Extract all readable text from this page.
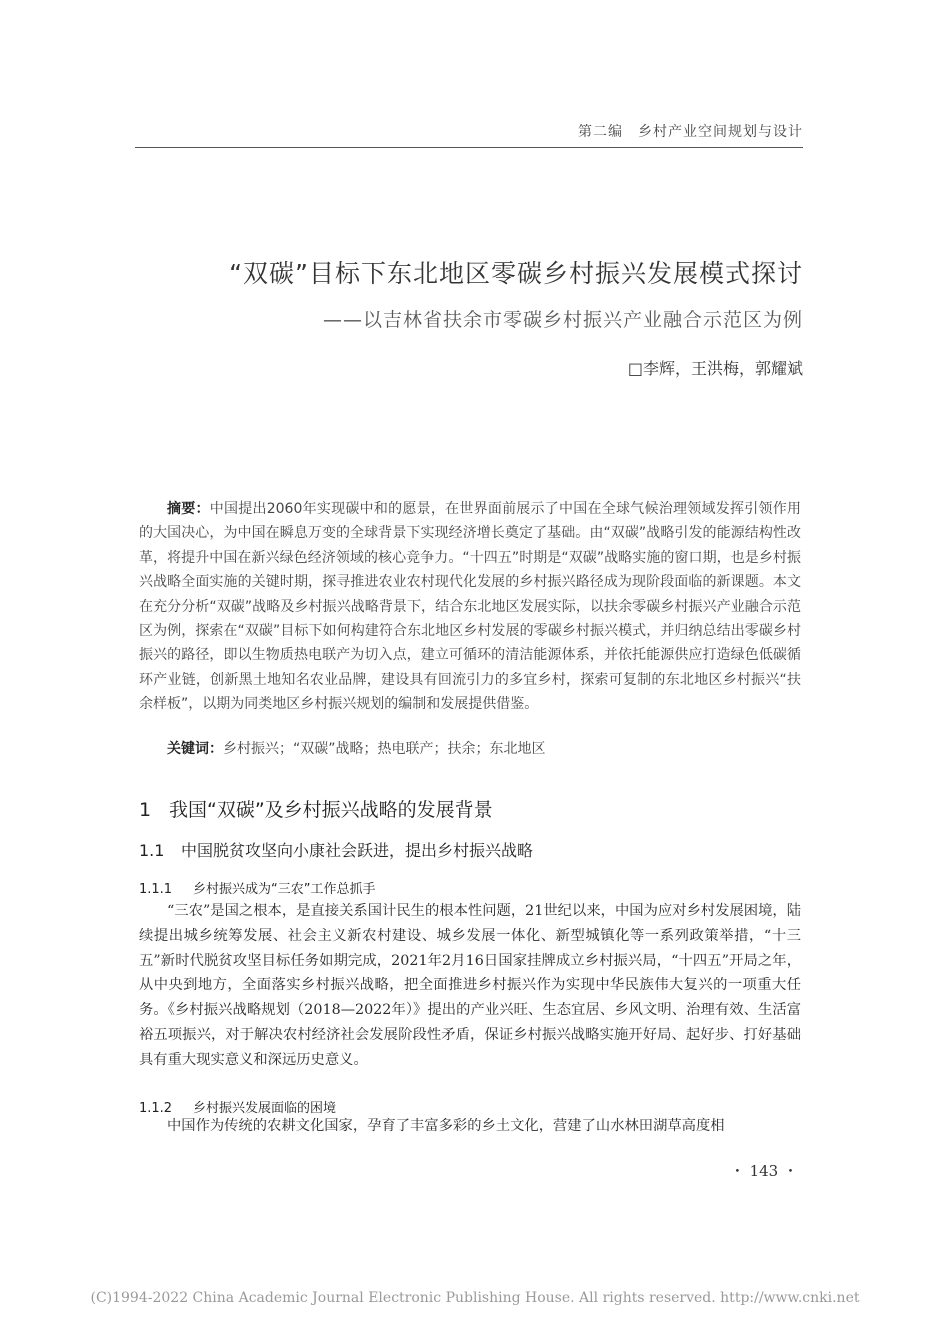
第二编　乡村产业空间规划与设计
“双碳”目标下东北地区零碳乡村振兴发展模式探讨
——以吉林省扶余市零碳乡村振兴产业融合示范区为例
□李辉，王洪梅，郭耀斌
摘要：中国提出2060年实现碳中和的愿景，在世界面前展示了中国在全球气候治理领域发挥引领作用的大国决心，为中国在瞬息万变的全球背景下实现经济增长奠定了基础。由“双碳”战略引发的能源结构性改革，将提升中国在新兴绿色经济领域的核心竞争力。“十四五”时期是“双碳”战略实施的窗口期，也是乡村振兴战略全面实施的关键时期，探寻推进农业农村现代化发展的乡村振兴路径成为现阶段面临的新课题。本文在充分分析“双碳”战略及乡村振兴战略背景下，结合东北地区发展实际，以扶余零碳乡村振兴产业融合示范区为例，探索在“双碳”目标下如何构建符合东北地区乡村发展的零碳乡村振兴模式，并归纳总结出零碳乡村振兴的路径，即以生物质热电联产为切入点，建立可循环的清洁能源体系，并依托能源供应打造绿色低碳循环产业链，创新黑土地知名农业品牌，建设具有回流引力的多宜乡村，探索可复制的东北地区乡村振兴“扶余样板”，以期为同类地区乡村振兴规划的编制和发展提供借鉴。
关键词：乡村振兴；“双碳”战略；热电联产；扶余；东北地区
1 我国“双碳”及乡村振兴战略的发展背景
1.1 中国脱贫攻坚向小康社会跃进，提出乡村振兴战略
1.1.1 乡村振兴成为“三农”工作总抓手
“三农”是国之根本，是直接关系国计民生的根本性问题，21世纪以来，中国为应对乡村发展困境，陆续提出城乡统筹发展、社会主义新农村建设、城乡发展一体化、新型城镇化等一系列政策举措，“十三五”新时代脱贫攻坚目标任务如期完成，2021年2月16日国家挂牌成立乡村振兴局，“十四五”开局之年，从中央到地方，全面落实乡村振兴战略，把全面推进乡村振兴作为实现中华民族伟大复兴的一项重大任务。《乡村振兴战略规划（2018—2022年）》提出的产业兴旺、生态宜居、乡风文明、治理有效、生活富裕五项振兴，对于解决农村经济社会发展阶段性矛盾，保证乡村振兴战略实施开好局、起好步、打好基础具有重大现实意义和深远历史意义。
1.1.2 乡村振兴发展面临的困境
中国作为传统的农耕文化国家，孕育了丰富多彩的乡土文化，营建了山水林田湖草高度相
・ 143 ・
(C)1994-2022 China Academic Journal Electronic Publishing House. All rights reserved. http://www.cnki.net
